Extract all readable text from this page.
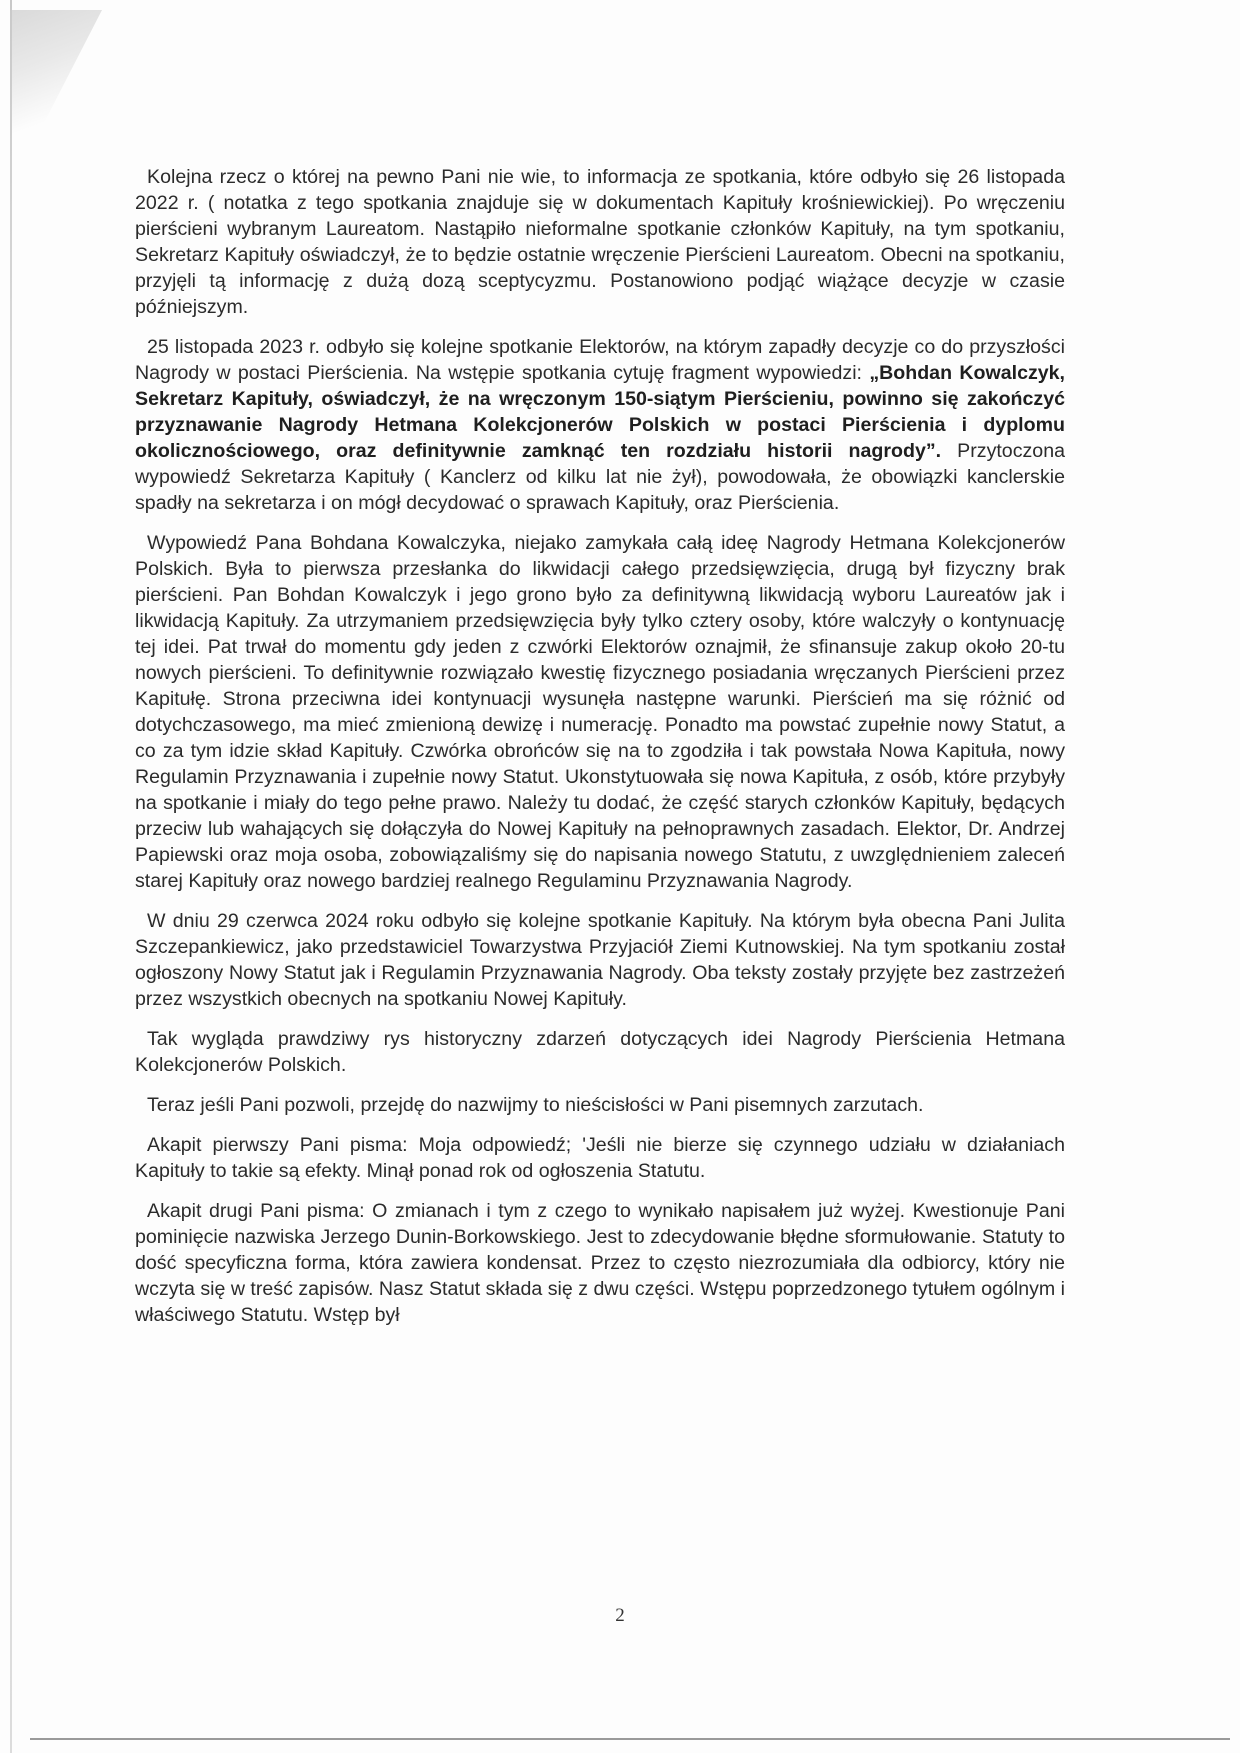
Kolejna rzecz o której na pewno Pani nie wie, to informacja ze spotkania, które odbyło się 26 listopada 2022 r. ( notatka z tego spotkania znajduje się w dokumentach Kapituły krośniewickiej). Po wręczeniu pierścieni wybranym Laureatom. Nastąpiło nieformalne spotkanie członków Kapituły, na tym spotkaniu, Sekretarz Kapituły oświadczył, że to będzie ostatnie wręczenie Pierścieni Laureatom. Obecni na spotkaniu, przyjęli tą informację z dużą dozą sceptycyzmu. Postanowiono podjąć wiążące decyzje w czasie późniejszym.

25 listopada 2023 r. odbyło się kolejne spotkanie Elektorów, na którym zapadły decyzje co do przyszłości Nagrody w postaci Pierścienia. Na wstępie spotkania cytuję fragment wypowiedzi: „Bohdan Kowalczyk, Sekretarz Kapituły, oświadczył, że na wręczonym 150-siątym Pierścieniu, powinno się zakończyć przyznawanie Nagrody Hetmana Kolekcjonerów Polskich w postaci Pierścienia i dyplomu okolicznościowego, oraz definitywnie zamknąć ten rozdziału historii nagrody”. Przytoczona wypowiedź Sekretarza Kapituły ( Kanclerz od kilku lat nie żył), powodowała, że obowiązki kanclerskie spadły na sekretarza i on mógł decydować o sprawach Kapituły, oraz Pierścienia.

Wypowiedź Pana Bohdana Kowalczyka, niejako zamykała całą ideę Nagrody Hetmana Kolekcjonerów Polskich. Była to pierwsza przesłanka do likwidacji całego przedsięwzięcia, drugą był fizyczny brak pierścieni. Pan Bohdan Kowalczyk i jego grono było za definitywną likwidacją wyboru Laureatów jak i likwidacją Kapituły. Za utrzymaniem przedsięwzięcia były tylko cztery osoby, które walczyły o kontynuację tej idei. Pat trwał do momentu gdy jeden z czwórki Elektorów oznajmił, że sfinansuje zakup około 20-tu nowych pierścieni. To definitywnie rozwiązało kwestię fizycznego posiadania wręczanych Pierścieni przez Kapitułę. Strona przeciwna idei kontynuacji wysunęła następne warunki. Pierścień ma się różnić od dotychczasowego, ma mieć zmienioną dewizę i numerację. Ponadto ma powstać zupełnie nowy Statut, a co za tym idzie skład Kapituły. Czwórka obrońców się na to zgodziła i tak powstała Nowa Kapituła, nowy Regulamin Przyznawania i zupełnie nowy Statut. Ukonstytuowała się nowa Kapituła, z osób, które przybyły na spotkanie i miały do tego pełne prawo. Należy tu dodać, że część starych członków Kapituły, będących przeciw lub wahających się dołączyła do Nowej Kapituły na pełnoprawnych zasadach. Elektor, Dr. Andrzej Papiewski oraz moja osoba, zobowiązaliśmy się do napisania nowego Statutu, z uwzględnieniem zaleceń starej Kapituły oraz nowego bardziej realnego Regulaminu Przyznawania Nagrody.

W dniu 29 czerwca 2024 roku odbyło się kolejne spotkanie Kapituły. Na którym była obecna Pani Julita Szczepankiewicz, jako przedstawiciel Towarzystwa Przyjaciół Ziemi Kutnowskiej. Na tym spotkaniu został ogłoszony Nowy Statut jak i Regulamin Przyznawania Nagrody. Oba teksty zostały przyjęte bez zastrzeżeń przez wszystkich obecnych na spotkaniu Nowej Kapituły.

Tak wygląda prawdziwy rys historyczny zdarzeń dotyczących idei Nagrody Pierścienia Hetmana Kolekcjonerów Polskich.

Teraz jeśli Pani pozwoli, przejdę do nazwijmy to nieścisłości w Pani pisemnych zarzutach.

Akapit pierwszy Pani pisma: Moja odpowiedź; 'Jeśli nie bierze się czynnego udziału w działaniach Kapituły to takie są efekty. Minął ponad rok od ogłoszenia Statutu.

Akapit drugi Pani pisma: O zmianach i tym z czego to wynikało napisałem już wyżej. Kwestionuje Pani pominięcie nazwiska Jerzego Dunin-Borkowskiego. Jest to zdecydowanie błędne sformułowanie. Statuty to dość specyficzna forma, która zawiera kondensat. Przez to często niezrozumiała dla odbiorcy, który nie wczyta się w treść zapisów. Nasz Statut składa się z dwu części. Wstępu poprzedzonego tytułem ogólnym i właściwego Statutu. Wstęp był

2
